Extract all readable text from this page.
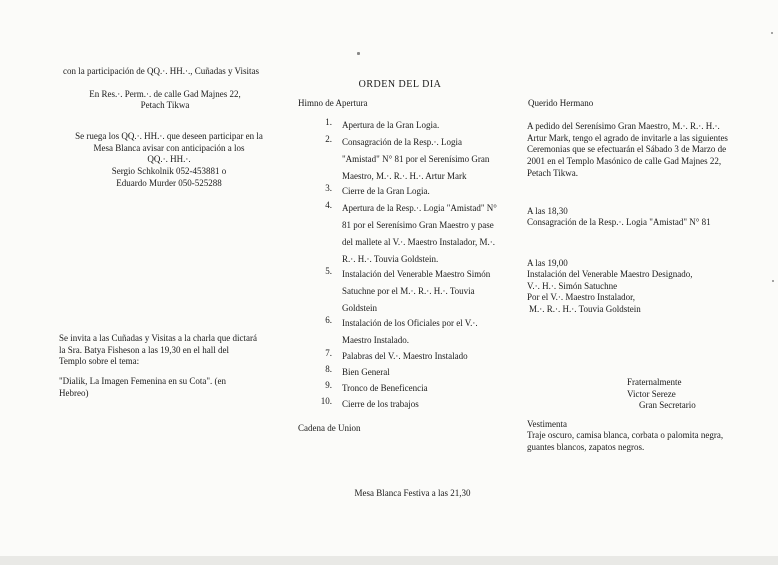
con la participación de QQ.·. HH.·., Cuñadas y Visitas

En Res.·. Perm.·. de calle Gad Majnes 22,

Petach Tikwa

Se ruega los QQ.·. HH.·. que deseen participar en la

Mesa Blanca avisar con anticipación a los

QQ.·. HH.·.

Sergio Schkolnik 052-453881 o

Eduardo Murder 050-525288

Se invita a las Cuñadas y Visitas a la charla que dictará

la Sra. Batya Fisheson a las 19,30 en el hall del

Templo sobre el tema:

"Dialik, La Imagen Femenina en su Cota". (en

Hebreo)

ORDEN DEL DIA

Himno de Apertura

1. Apertura de la Gran Logia.
2. Consagración de la Resp.·. Logia
"Amistad" N° 81 por el Serenísimo Gran
Maestro, M.·. R.·. H.·. Artur Mark
3. Cierre de la Gran Logia.
4. Apertura de la Resp.·. Logia "Amistad" N°
81 por el Serenísimo Gran Maestro y pase
del mallete al V.·. Maestro Instalador, M.·.
R.·. H.·. Touvia Goldstein.
5. Instalación del Venerable Maestro Simón
Satuchne por el M.·. R.·. H.·. Touvia
Goldstein
6. Instalación de los Oficiales por el V.·.
Maestro Instalado.
7. Palabras del V.·. Maestro Instalado
8. Bien General
9. Tronco de Beneficencia
10. Cierre de los trabajos

Cadena de Union

Mesa Blanca Festiva a las 21,30

Querido Hermano

A pedido del Serenísimo Gran Maestro, M.·. R.·. H.·.

Artur Mark, tengo el agrado de invitarle a las siguientes

Ceremonias que se efectuarán el Sábado 3 de Marzo de

2001 en el Templo Masónico de calle Gad Majnes 22,

Petach Tikwa.

A las 18,30

Consagración de la Resp.·. Logia "Amistad" N° 81

A las 19,00

Instalación del Venerable Maestro Designado,

V.·. H.·. Simón Satuchne

Por el V.·. Maestro Instalador,

M.·. R.·. H.·. Touvia Goldstein

Fraternalmente

Victor Sereze

Gran Secretario

Vestimenta

Traje oscuro, camisa blanca, corbata o palomita negra,

guantes blancos, zapatos negros.
